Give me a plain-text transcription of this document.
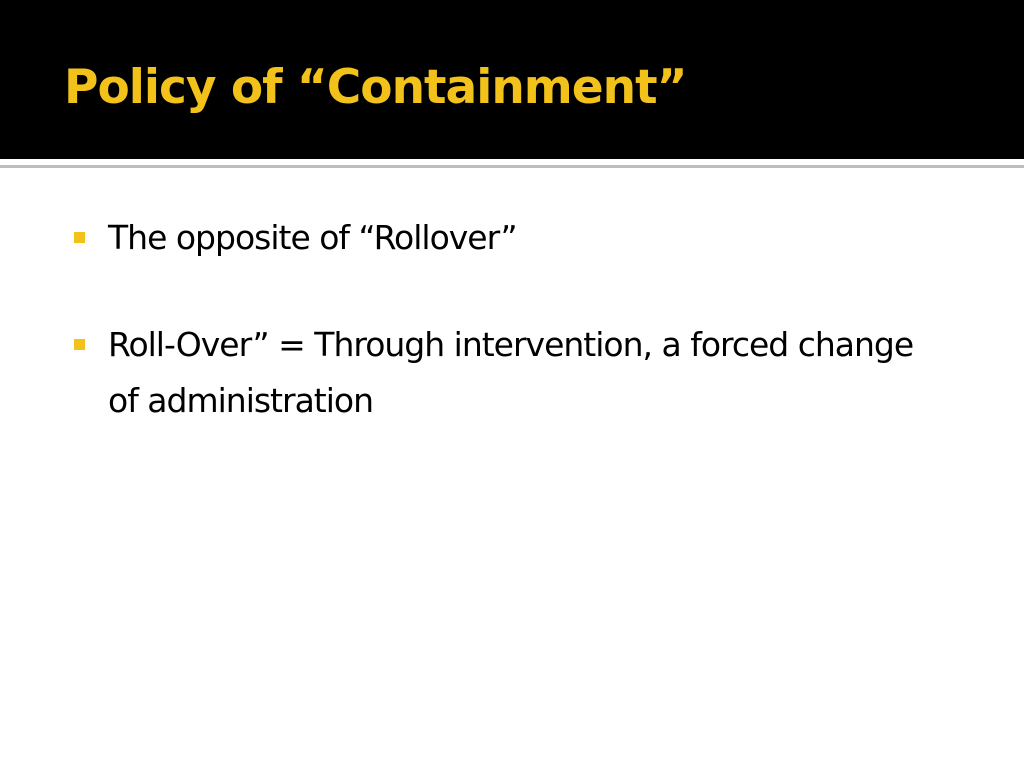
Policy of “Containment”
The opposite of “Rollover”
Roll-Over” = Through intervention, a forced change of administration
